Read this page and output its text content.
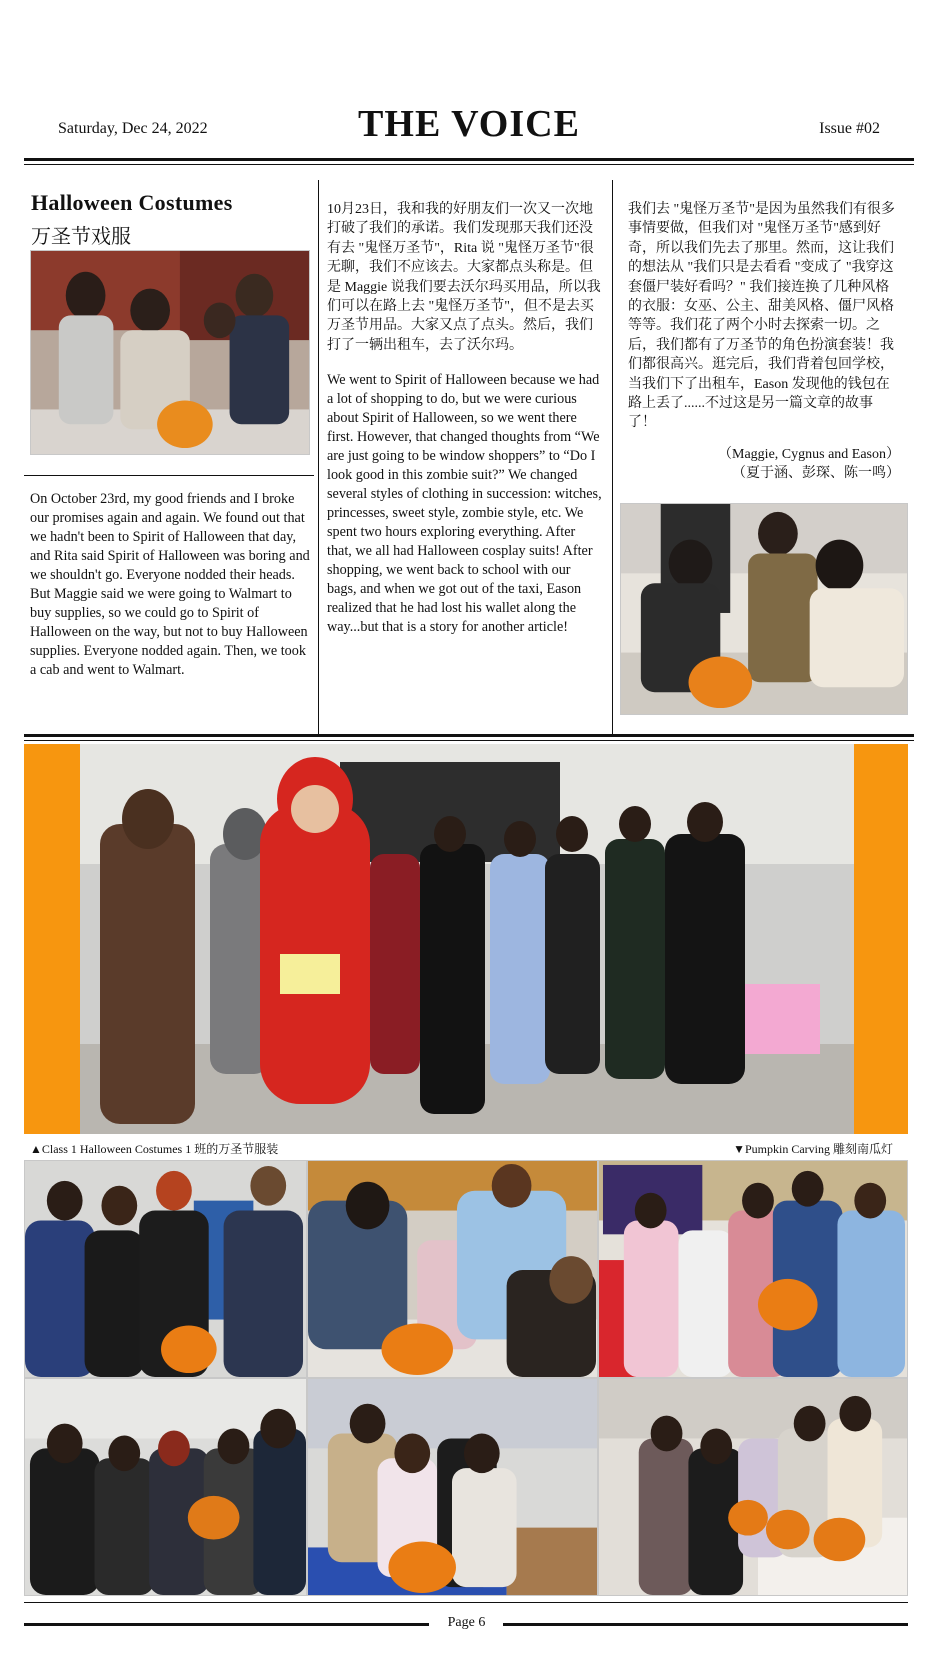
Saturday, Dec 24, 2022	THE VOICE	Issue #02
Halloween Costumes
万圣节戏服

On October 23rd, my good friends and I broke our promises again and again. We found out that we hadn't been to Spirit of Halloween that day, and Rita said Spirit of Halloween was boring and we shouldn't go. Everyone nodded their heads. But Maggie said we were going to Walmart to buy supplies, so we could go to Spirit of Halloween on the way, but not to buy Halloween supplies. Everyone nodded again. Then, we took a cab and went to Walmart.

10月23日，我和我的好朋友们一次又一次地打破了我们的承诺。我们发现那天我们还没有去 "鬼怪万圣节"，Rita 说 "鬼怪万圣节"很无聊，我们不应该去。大家都点头称是。但是 Maggie 说我们要去沃尔玛买用品，所以我们可以在路上去 "鬼怪万圣节"，但不是去买万圣节用品。大家又点了点头。然后，我们打了一辆出租车，去了沃尔玛。

We went to Spirit of Halloween because we had a lot of shopping to do, but we were curious about Spirit of Halloween, so we went there first. However, that changed thoughts from “We are just going to be window shoppers” to “Do I look good in this zombie suit?” We changed several styles of clothing in succession: witches, princesses, sweet style, zombie style, etc. We spent two hours exploring everything. After that, we all had Halloween cosplay suits! After shopping, we went back to school with our bags, and when we got out of the taxi, Eason realized that he had lost his wallet along the way...but that is a story for another article!

我们去 "鬼怪万圣节"是因为虽然我们有很多事情要做，但我们对 "鬼怪万圣节"感到好奇，所以我们先去了那里。然而，这让我们的想法从 "我们只是去看看 "变成了 "我穿这套僵尸装好看吗？" 我们接连换了几种风格的衣服：女巫、公主、甜美风格、僵尸风格等等。我们花了两个小时去探索一切。之后，我们都有了万圣节的角色扮演套装！我们都很高兴。逛完后，我们背着包回学校，当我们下了出租车，Eason 发现他的钱包在路上丢了......不过这是另一篇文章的故事了！

（Maggie, Cygnus and Eason）
（夏于涵、彭琛、陈一鸣）
▲Class 1 Halloween Costumes 1 班的万圣节服装	▼Pumpkin Carving 雕刻南瓜灯
Page 6
